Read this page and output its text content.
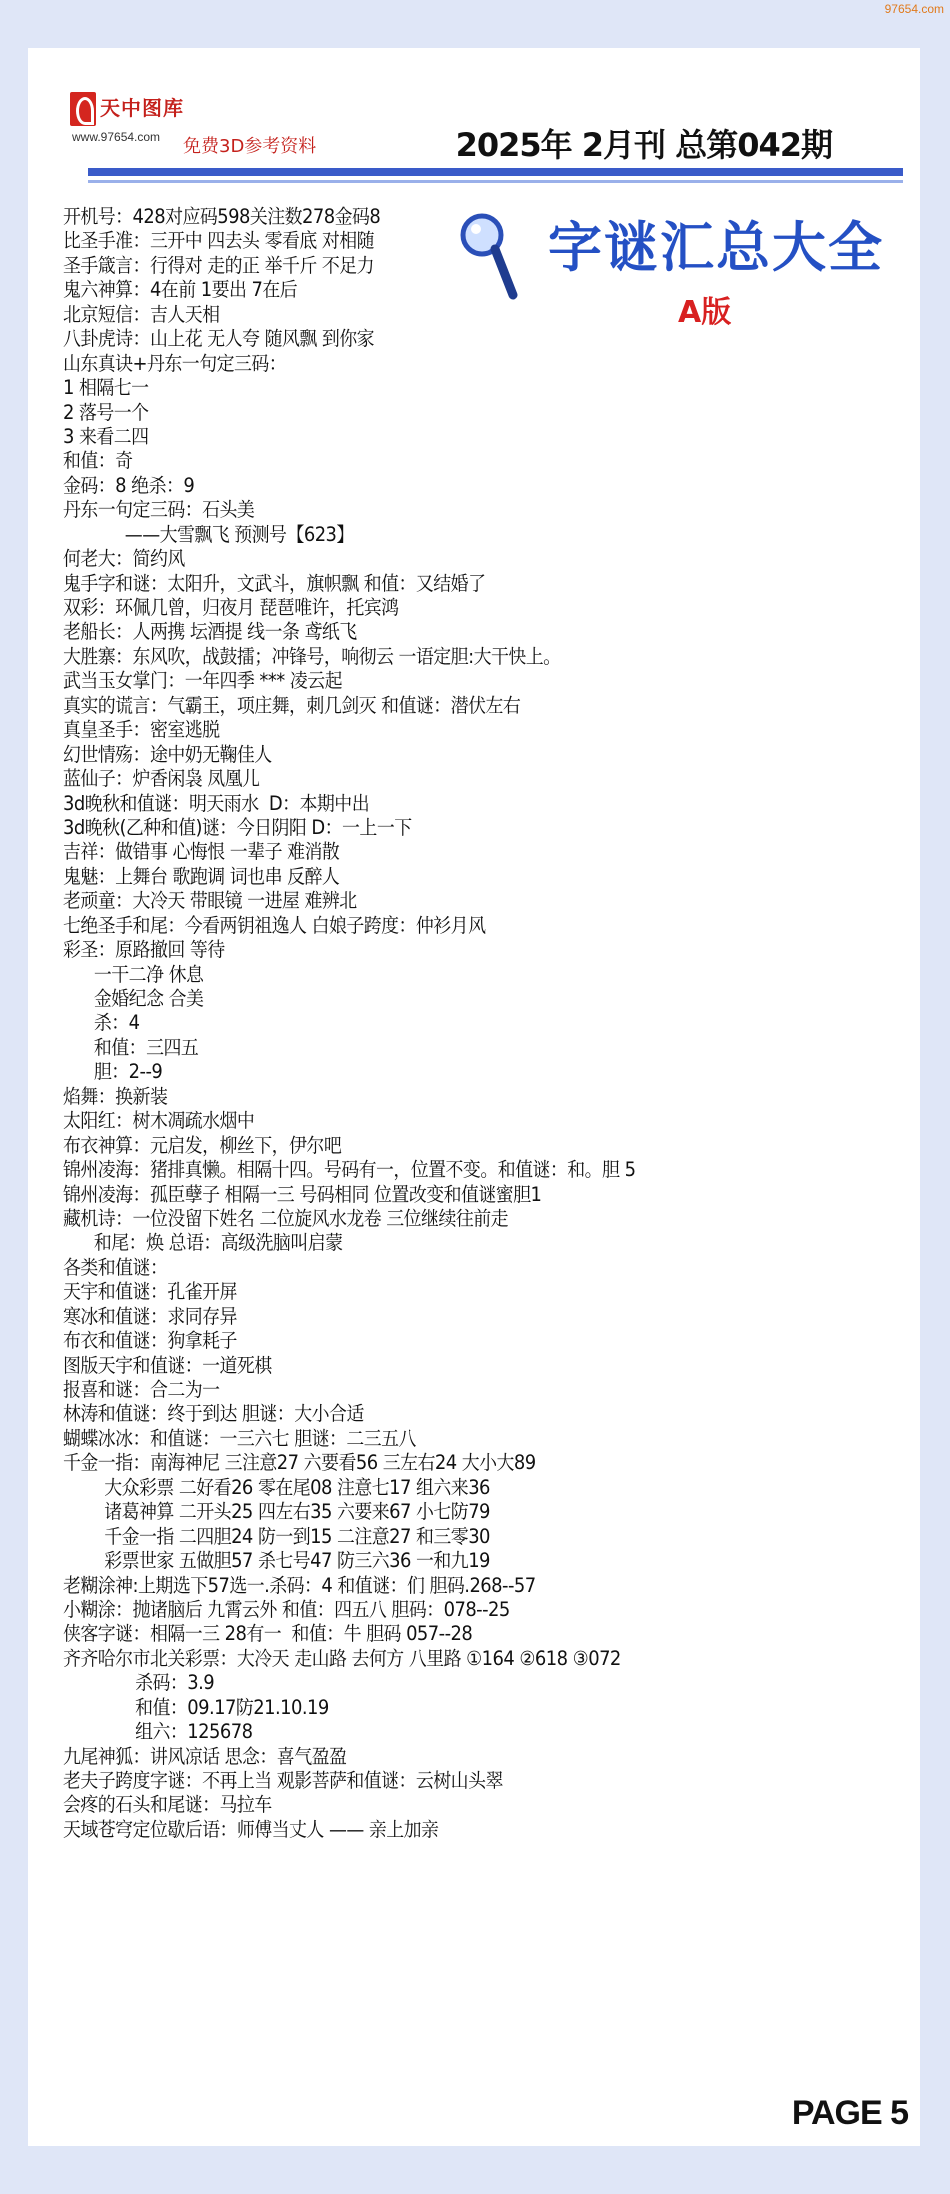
97654.com
天中图库
www.97654.com 免费3D参考资料	2025年 2月刊 总第042期
字谜汇总大全
A版
开机号：428对应码598关注数278金码8
比圣手准：三开中 四去头 零看底 对相随
圣手箴言：行得对 走的正 举千斤 不足力
鬼六神算：4在前 1要出 7在后
北京短信：吉人天相
八卦虎诗：山上花 无人夸 随风飘 到你家
山东真诀+丹东一句定三码：
1 相隔七一
2 落号一个
3 来看二四
和值：奇
金码：8 绝杀：9
丹东一句定三码：石头美
——大雪飘飞 预测号【623】
何老大：简约风
鬼手字和谜：太阳升，文武斗，旗帜飘 和值：又结婚了
双彩：环佩几曾，归夜月 琵琶唯许，托宾鸿
老船长：人两携 坛酒提 线一条 鸢纸飞
大胜寨：东风吹，战鼓擂；冲锋号，响彻云 一语定胆:大干快上。
武当玉女掌门：一年四季 *** 凌云起
真实的谎言：气霸王，项庄舞，刺几剑灭 和值谜：潜伏左右
真皇圣手：密室逃脱
幻世情殇：途中奶无鞠佳人
蓝仙子：炉香闲袅 凤凰儿
3d晚秋和值谜：明天雨水  D：本期中出
3d晚秋(乙种和值)谜：今日阴阳 D：一上一下
吉祥：做错事 心悔恨 一辈子 难消散
鬼魅：上舞台 歌跑调 词也串 反醉人
老顽童：大冷天 带眼镜 一进屋 难辨北
七绝圣手和尾：今看两钥祖逸人 白娘子跨度：仲衫月风
彩圣：原路撤回 等待
一干二净 休息
金婚纪念 合美
杀：4
和值：三四五
胆：2--9
焰舞：换新装
太阳红：树木凋疏水烟中
布衣神算：元启发，柳丝下，伊尔吧
锦州凌海：猪排真懒。相隔十四。号码有一，位置不变。和值谜：和。胆 5
锦州凌海：孤臣孽子 相隔一三 号码相同 位置改变和值谜蜜胆1
藏机诗：一位没留下姓名 二位旋风水龙卷 三位继续往前走
和尾：焕 总语：高级洗脑叫启蒙
各类和值谜：
天宇和值谜：孔雀开屏
寒冰和值谜：求同存异
布衣和值谜：狗拿耗子
图版天宇和值谜：一道死棋
报喜和谜：合二为一
林涛和值谜：终于到达 胆谜：大小合适
蝴蝶冰冰：和值谜：一三六七 胆谜：二三五八
千金一指：南海神尼 三注意27 六要看56 三左右24 大小大89
大众彩票 二好看26 零在尾08 注意七17 组六来36
诸葛神算 二开头25 四左右35 六要来67 小七防79
千金一指 二四胆24 防一到15 二注意27 和三零30
彩票世家 五做胆57 杀七号47 防三六36 一和九19
老糊涂神:上期选下57选一.杀码：4 和值谜：们 胆码.268--57
小糊涂：抛诸脑后 九霄云外 和值：四五八 胆码：078--25
侠客字谜：相隔一三 28有一  和值：牛 胆码 057--28
齐齐哈尔市北关彩票：大冷天 走山路 去何方 八里路 ①164 ②618 ③072
杀码：3.9
和值：09.17防21.10.19
组六：125678
九尾神狐：讲风凉话 思念：喜气盈盈
老夫子跨度字谜：不再上当 观影菩萨和值谜：云树山头翠
会疼的石头和尾谜：马拉车
天域苍穹定位歇后语：师傅当丈人 —— 亲上加亲
PAGE 5
